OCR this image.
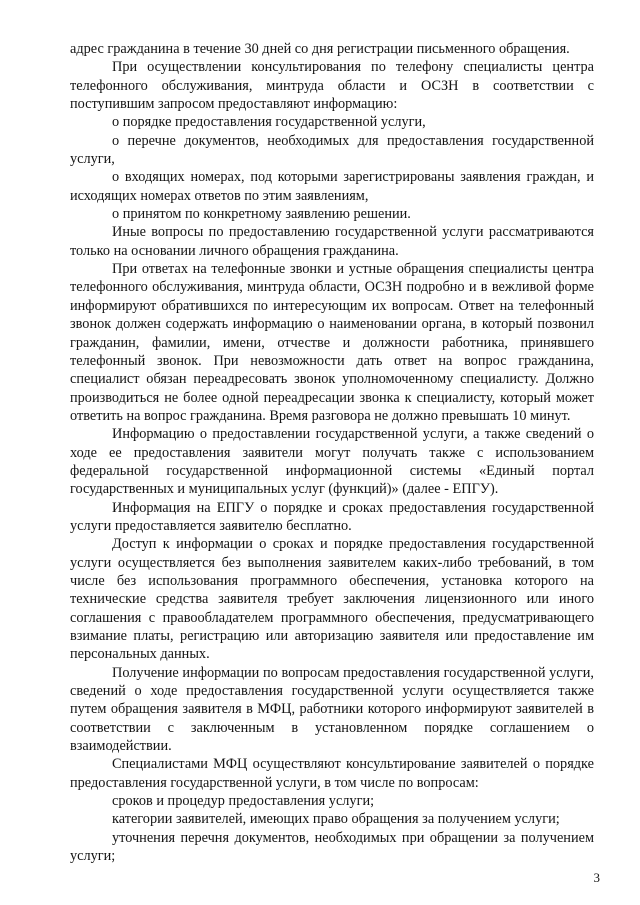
адрес гражданина в течение 30 дней со дня регистрации письменного обращения.

При осуществлении консультирования по телефону специалисты центра телефонного обслуживания, минтруда области и ОСЗН в соответствии с поступившим запросом предоставляют информацию:

о порядке предоставления государственной услуги,

о перечне документов, необходимых для предоставления государственной услуги,

о входящих номерах, под которыми зарегистрированы заявления граждан, и исходящих номерах ответов по этим заявлениям,

о принятом по конкретному заявлению решении.

Иные вопросы по предоставлению государственной услуги рассматриваются только на основании личного обращения гражданина.

При ответах на телефонные звонки и устные обращения специалисты центра телефонного обслуживания, минтруда области, ОСЗН подробно и в вежливой форме информируют обратившихся по интересующим их вопросам. Ответ на телефонный звонок должен содержать информацию о наименовании органа, в который позвонил гражданин, фамилии, имени, отчестве и должности работника, принявшего телефонный звонок. При невозможности дать ответ на вопрос гражданина, специалист обязан переадресовать звонок уполномоченному специалисту. Должно производиться не более одной переадресации звонка к специалисту, который может ответить на вопрос гражданина. Время разговора не должно превышать 10 минут.

Информацию о предоставлении государственной услуги, а также сведений о ходе ее предоставления заявители могут получать также с использованием федеральной государственной информационной системы «Единый портал государственных и муниципальных услуг (функций)» (далее - ЕПГУ).

Информация на ЕПГУ о порядке и сроках предоставления государственной услуги предоставляется заявителю бесплатно.

Доступ к информации о сроках и порядке предоставления государственной услуги осуществляется без выполнения заявителем каких-либо требований, в том числе без использования программного обеспечения, установка которого на технические средства заявителя требует заключения лицензионного или иного соглашения с правообладателем программного обеспечения, предусматривающего взимание платы, регистрацию или авторизацию заявителя или предоставление им персональных данных.

Получение информации по вопросам предоставления государственной услуги, сведений о ходе предоставления государственной услуги осуществляется также путем обращения заявителя в МФЦ, работники которого информируют заявителей в соответствии с заключенным в установленном порядке соглашением о взаимодействии.

Специалистами МФЦ осуществляют консультирование заявителей о порядке предоставления государственной услуги, в том числе по вопросам:

сроков и процедур предоставления услуги;

категории заявителей, имеющих право обращения за получением услуги;

уточнения перечня документов, необходимых при обращении за получением услуги;

3
